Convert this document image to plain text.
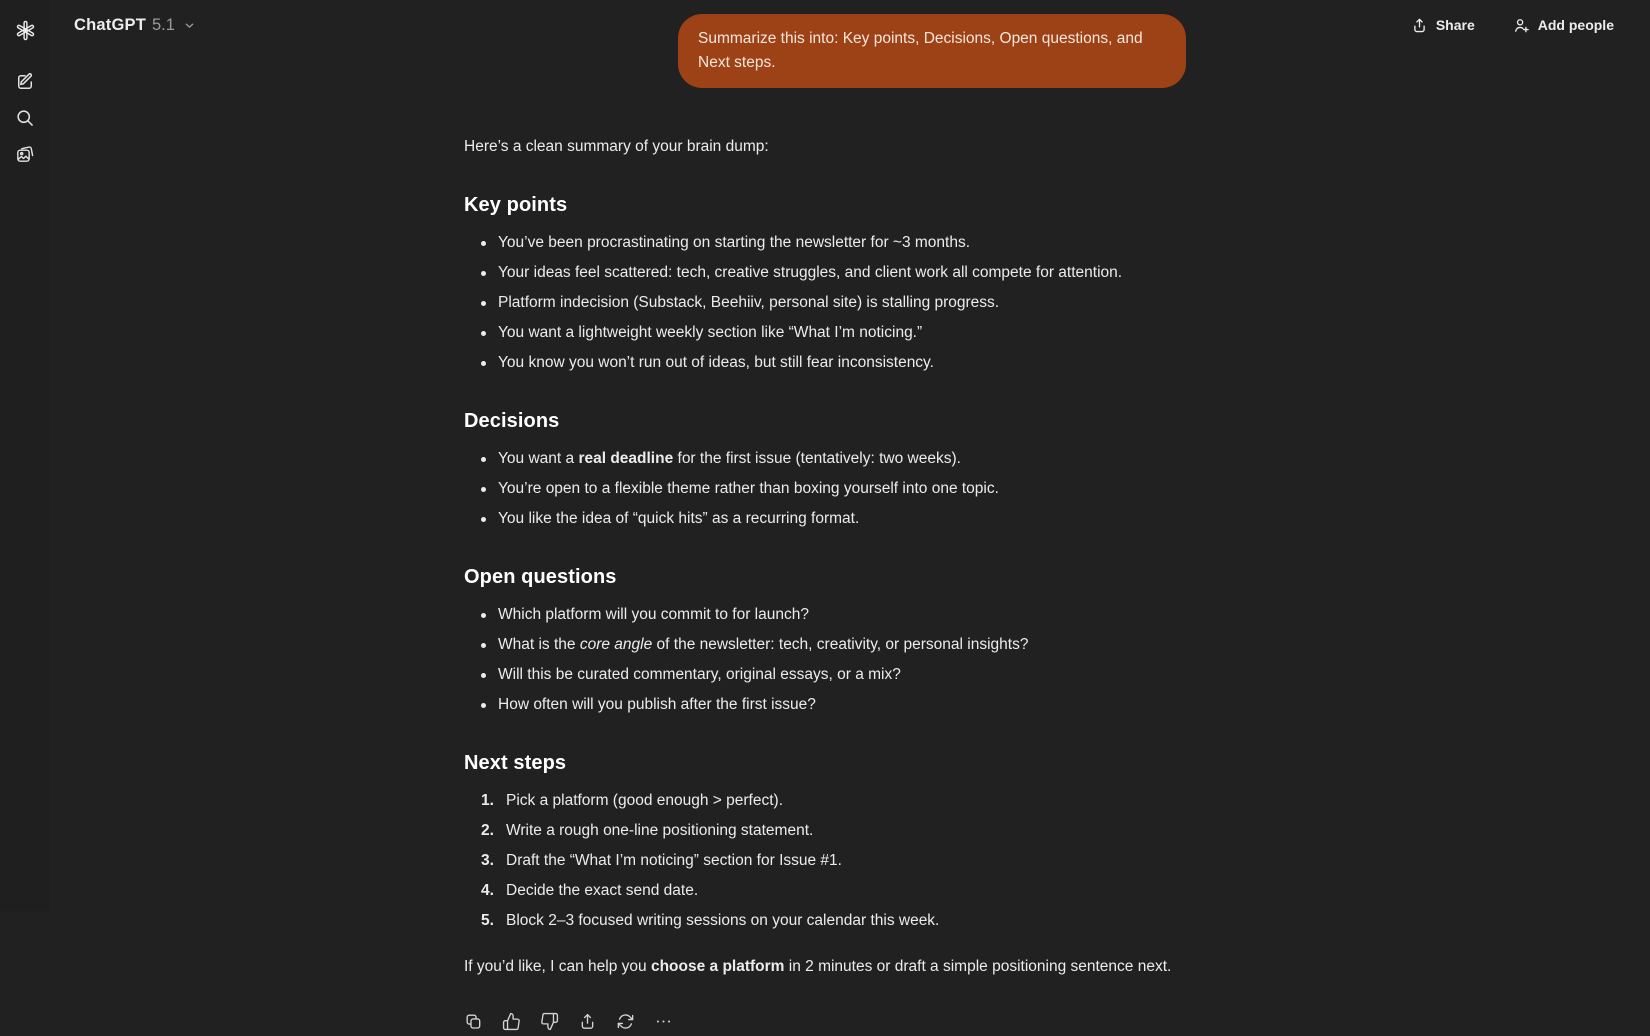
ChatGPT 5.1	Share	Add people
Summarize this into: Key points, Decisions, Open questions, and Next steps.

Here’s a clean summary of your brain dump:

Key points
You’ve been procrastinating on starting the newsletter for ~3 months.
Your ideas feel scattered: tech, creative struggles, and client work all compete for attention.
Platform indecision (Substack, Beehiiv, personal site) is stalling progress.
You want a lightweight weekly section like “What I’m noticing.”
You know you won’t run out of ideas, but still fear inconsistency.
Decisions
You want a real deadline for the first issue (tentatively: two weeks).
You’re open to a flexible theme rather than boxing yourself into one topic.
You like the idea of “quick hits” as a recurring format.
Open questions
Which platform will you commit to for launch?
What is the core angle of the newsletter: tech, creativity, or personal insights?
Will this be curated commentary, original essays, or a mix?
How often will you publish after the first issue?
Next steps
1. Pick a platform (good enough > perfect).
2. Write a rough one-line positioning statement.
3. Draft the “What I’m noticing” section for Issue #1.
4. Decide the exact send date.
5. Block 2–3 focused writing sessions on your calendar this week.

If you’d like, I can help you choose a platform in 2 minutes or draft a simple positioning sentence next.
